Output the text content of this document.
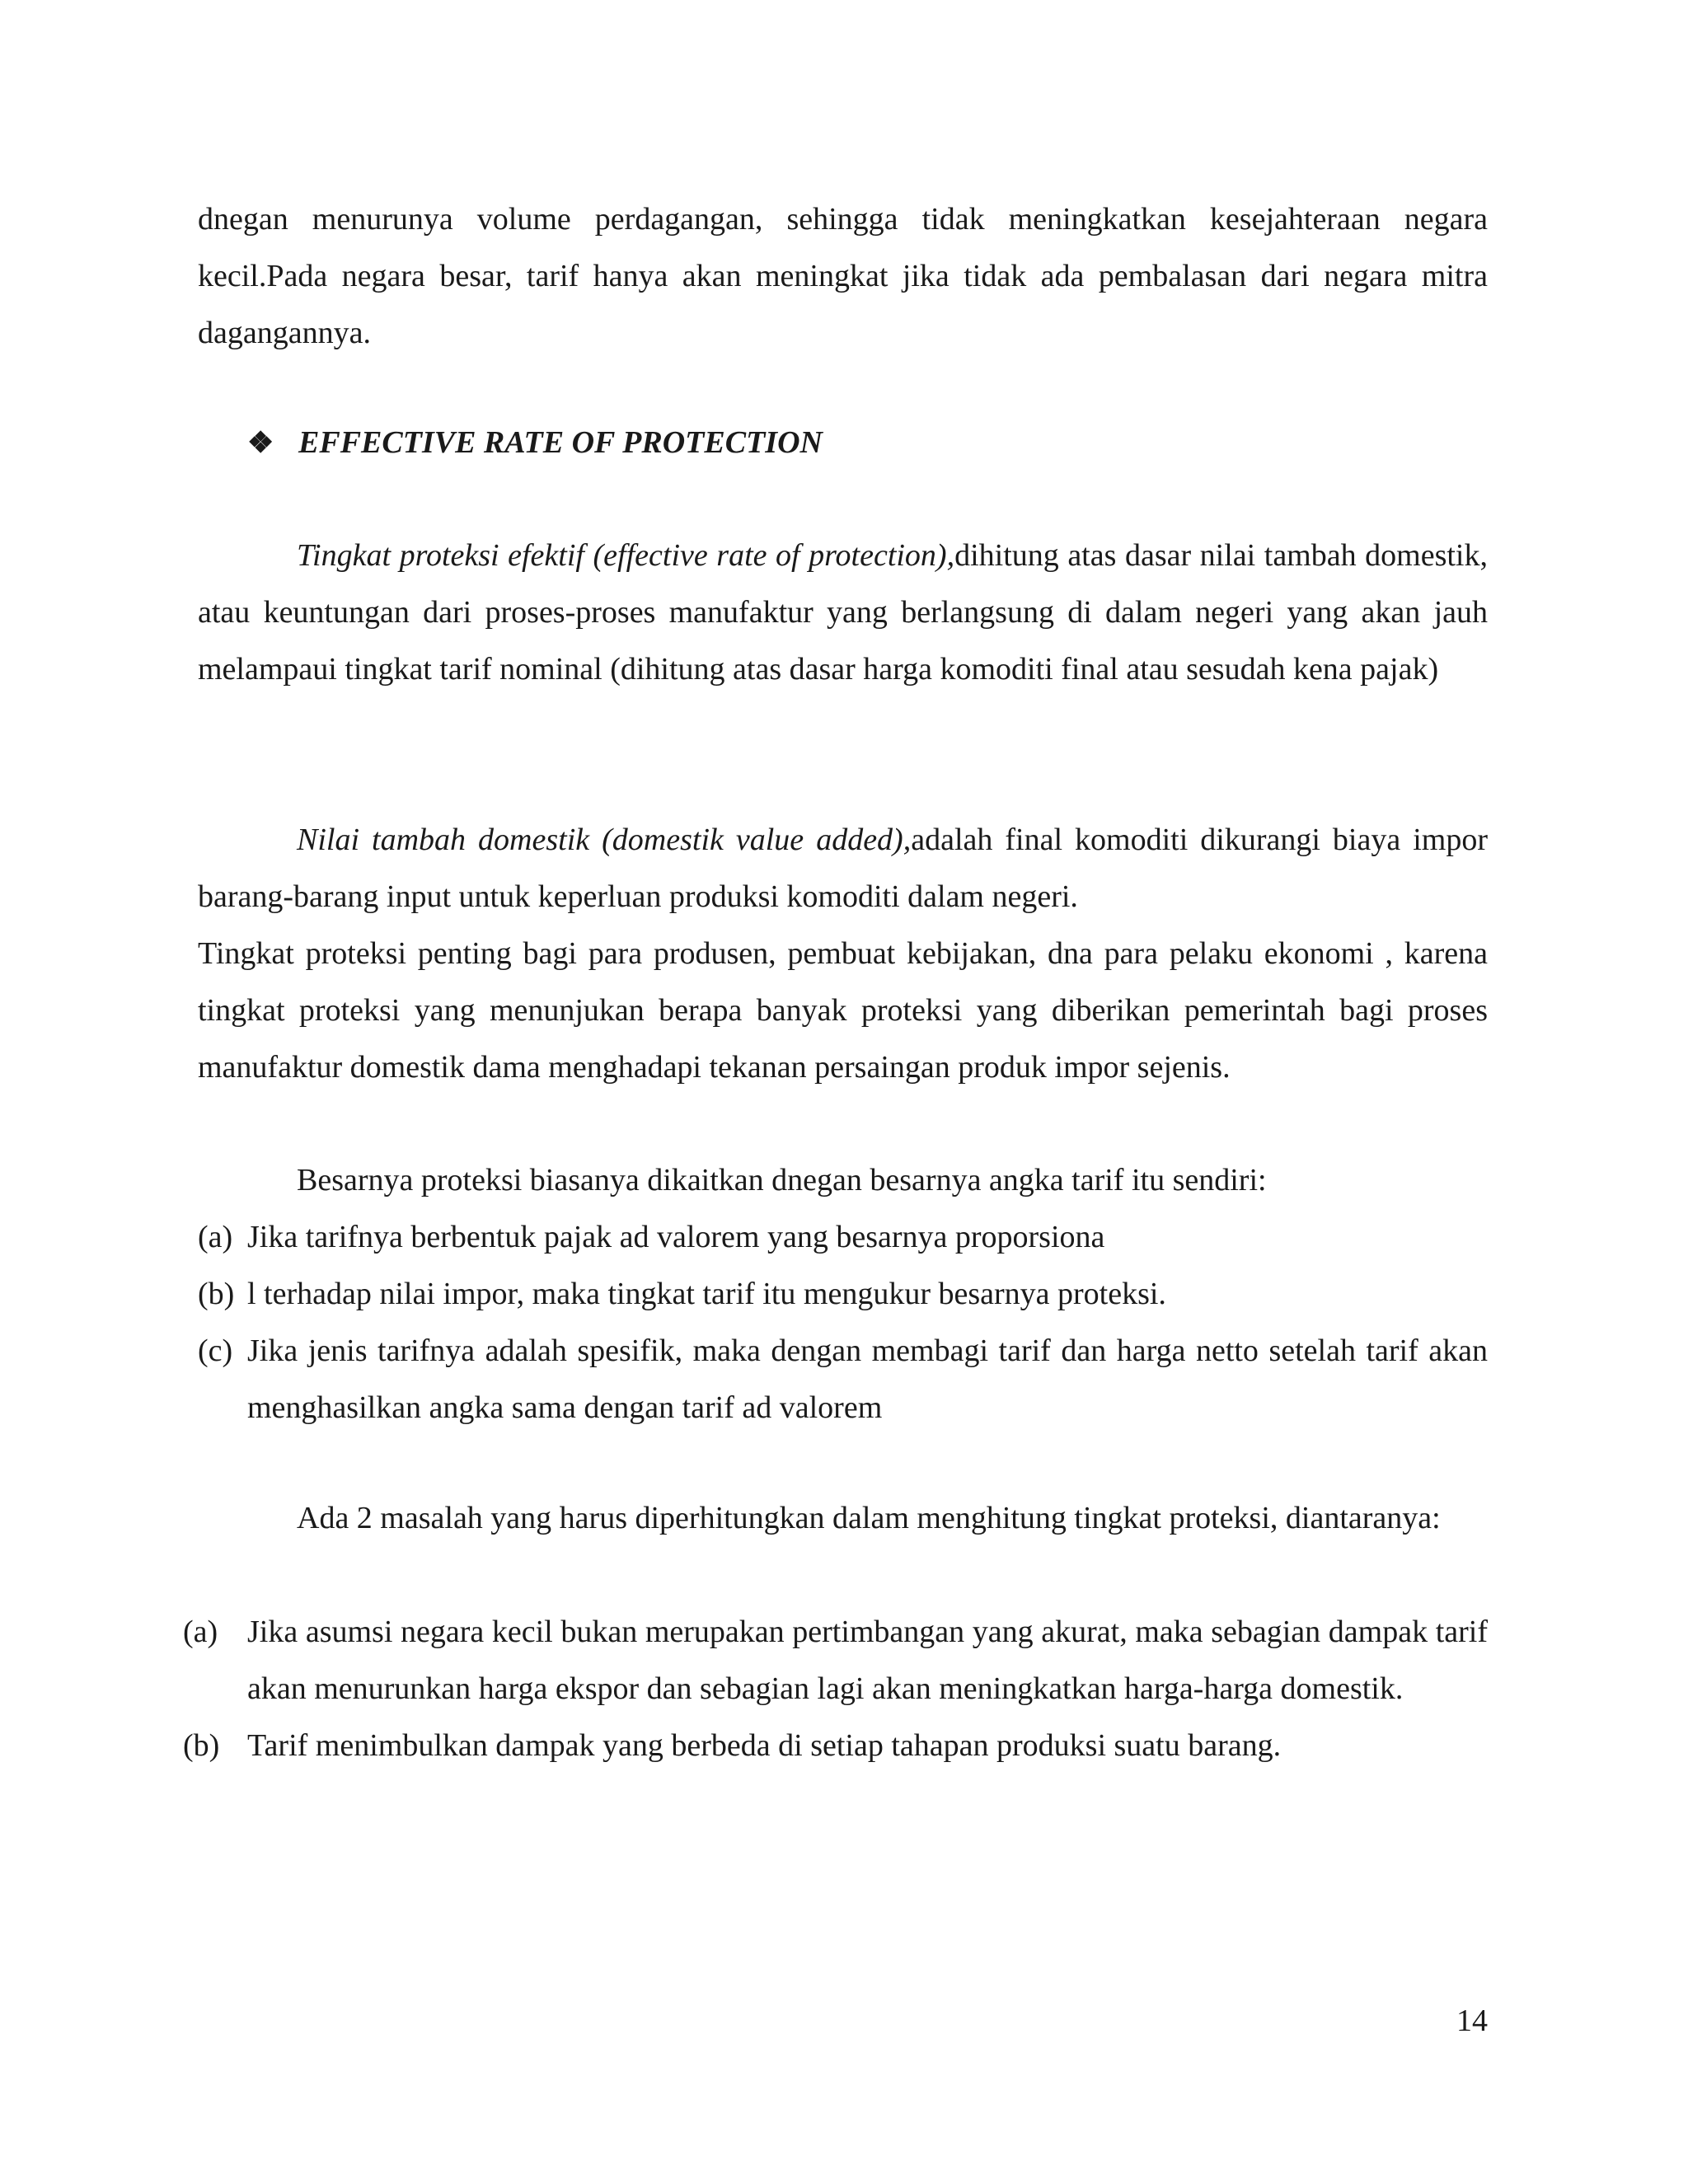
dnegan menurunya volume perdagangan, sehingga tidak meningkatkan kesejahteraan negara kecil.Pada negara besar, tarif hanya akan meningkat jika tidak ada pembalasan dari negara mitra dagangannya.

❖ EFFECTIVE RATE OF PROTECTION

Tingkat proteksi efektif (effective rate of protection),dihitung atas dasar nilai tambah domestik, atau keuntungan dari proses-proses manufaktur yang berlangsung di dalam negeri yang akan jauh melampaui tingkat tarif nominal (dihitung atas dasar harga komoditi final atau sesudah kena pajak)

Nilai tambah domestik (domestik value added),adalah final komoditi dikurangi biaya impor barang-barang input untuk keperluan produksi komoditi dalam negeri.

Tingkat proteksi penting bagi para produsen, pembuat kebijakan, dna para pelaku ekonomi , karena tingkat proteksi yang menunjukan berapa banyak proteksi yang diberikan pemerintah bagi proses manufaktur domestik dama menghadapi tekanan persaingan produk impor sejenis.

Besarnya proteksi biasanya dikaitkan dnegan besarnya angka tarif itu sendiri:

(a) Jika tarifnya berbentuk pajak ad valorem yang besarnya proporsiona
(b) l terhadap nilai impor, maka tingkat tarif itu mengukur besarnya proteksi.
(c) Jika jenis tarifnya adalah spesifik, maka dengan membagi tarif dan harga netto setelah tarif akan menghasilkan angka sama dengan tarif ad valorem

Ada 2 masalah yang harus diperhitungkan dalam menghitung tingkat proteksi, diantaranya:

(a) Jika asumsi negara kecil bukan merupakan pertimbangan yang akurat, maka sebagian dampak tarif akan menurunkan harga ekspor dan sebagian lagi akan meningkatkan harga-harga domestik.
(b) Tarif menimbulkan dampak yang berbeda di setiap tahapan produksi suatu barang.
14
